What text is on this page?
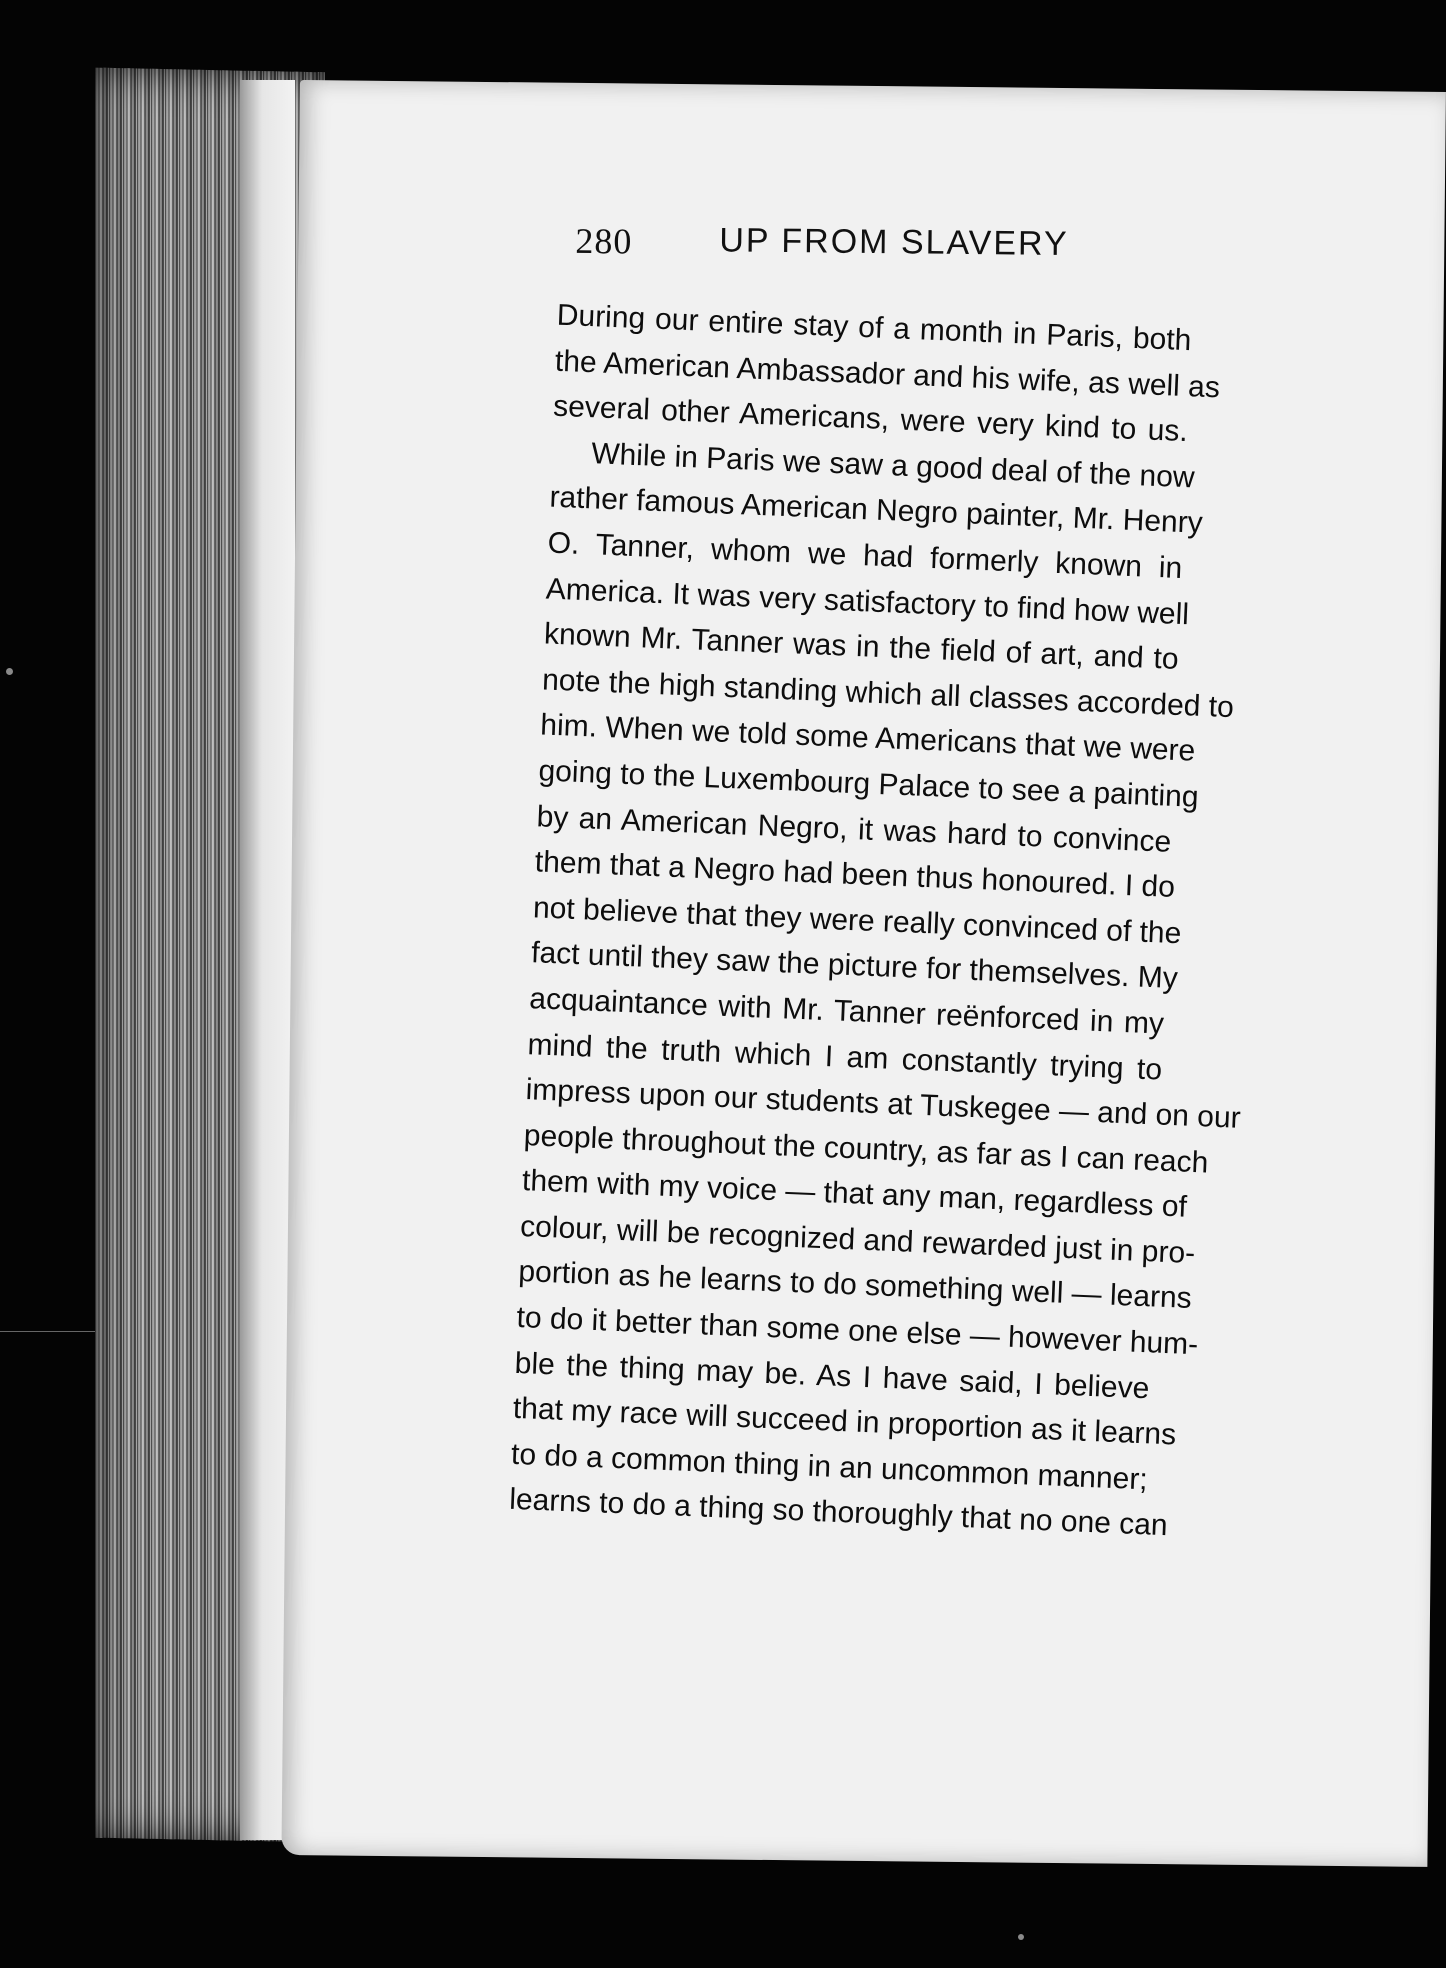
280	UP FROM SLAVERY
During our entire stay of a month in Paris, both
the American Ambassador and his wife, as well as
several other Americans, were very kind to us.
While in Paris we saw a good deal of the now
rather famous American Negro painter, Mr. Henry
O. Tanner, whom we had formerly known in
America. It was very satisfactory to find how well
known Mr. Tanner was in the field of art, and to
note the high standing which all classes accorded to
him. When we told some Americans that we were
going to the Luxembourg Palace to see a painting
by an American Negro, it was hard to convince
them that a Negro had been thus honoured. I do
not believe that they were really convinced of the
fact until they saw the picture for themselves. My
acquaintance with Mr. Tanner reënforced in my
mind the truth which I am constantly trying to
impress upon our students at Tuskegee — and on our
people throughout the country, as far as I can reach
them with my voice — that any man, regardless of
colour, will be recognized and rewarded just in pro-
portion as he learns to do something well — learns
to do it better than some one else — however hum-
ble the thing may be. As I have said, I believe
that my race will succeed in proportion as it learns
to do a common thing in an uncommon manner;
learns to do a thing so thoroughly that no one can
